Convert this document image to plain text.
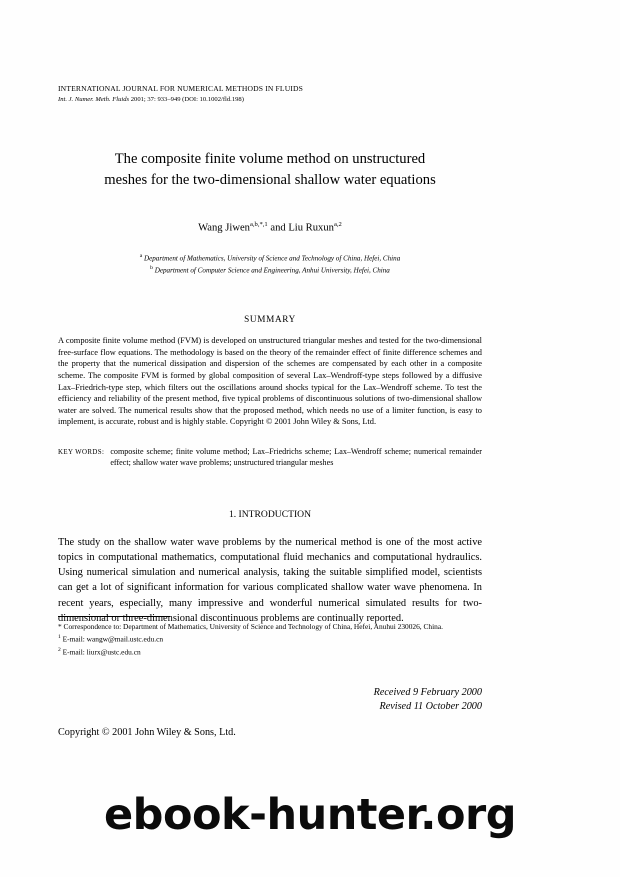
INTERNATIONAL JOURNAL FOR NUMERICAL METHODS IN FLUIDS
Int. J. Numer. Meth. Fluids 2001; 37: 933–949 (DOI: 10.1002/fld.198)
The composite finite volume method on unstructured
meshes for the two-dimensional shallow water equations
Wang Jiwen$^{a,b,*,1}$ and Liu Ruxun$^{a,2}$
$^a$ Department of Mathematics, University of Science and Technology of China, Hefei, China
$^b$ Department of Computer Science and Engineering, Anhui University, Hefei, China
SUMMARY
A composite finite volume method (FVM) is developed on unstructured triangular meshes and tested for the two-dimensional free-surface flow equations. The methodology is based on the theory of the remainder effect of finite difference schemes and the property that the numerical dissipation and dispersion of the schemes are compensated by each other in a composite scheme. The composite FVM is formed by global composition of several Lax–Wendroff-type steps followed by a diffusive Lax–Friedrich-type step, which filters out the oscillations around shocks typical for the Lax–Wendroff scheme. To test the efficiency and reliability of the present method, five typical problems of discontinuous solutions of two-dimensional shallow water are solved. The numerical results show that the proposed method, which needs no use of a limiter function, is easy to implement, is accurate, robust and is highly stable. Copyright © 2001 John Wiley & Sons, Ltd.
KEY WORDS: composite scheme; finite volume method; Lax–Friedrichs scheme; Lax–Wendroff scheme; numerical remainder effect; shallow water wave problems; unstructured triangular meshes
1. INTRODUCTION
The study on the shallow water wave problems by the numerical method is one of the most active topics in computational mathematics, computational fluid mechanics and computational hydraulics. Using numerical simulation and numerical analysis, taking the suitable simplified model, scientists can get a lot of significant information for various complicated shallow water wave phenomena. In recent years, especially, many impressive and wonderful numerical simulated results for two-dimensional or three-dimensional discontinuous problems are continually reported.
* Correspondence to: Department of Mathematics, University of Science and Technology of China, Hefei, Anuhui 230026, China.
$^1$ E-mail: wangw@mail.ustc.edu.cn
$^2$ E-mail: liurx@ustc.edu.cn
Received 9 February 2000
Revised 11 October 2000
Copyright © 2001 John Wiley & Sons, Ltd.
ebook-hunter.org
